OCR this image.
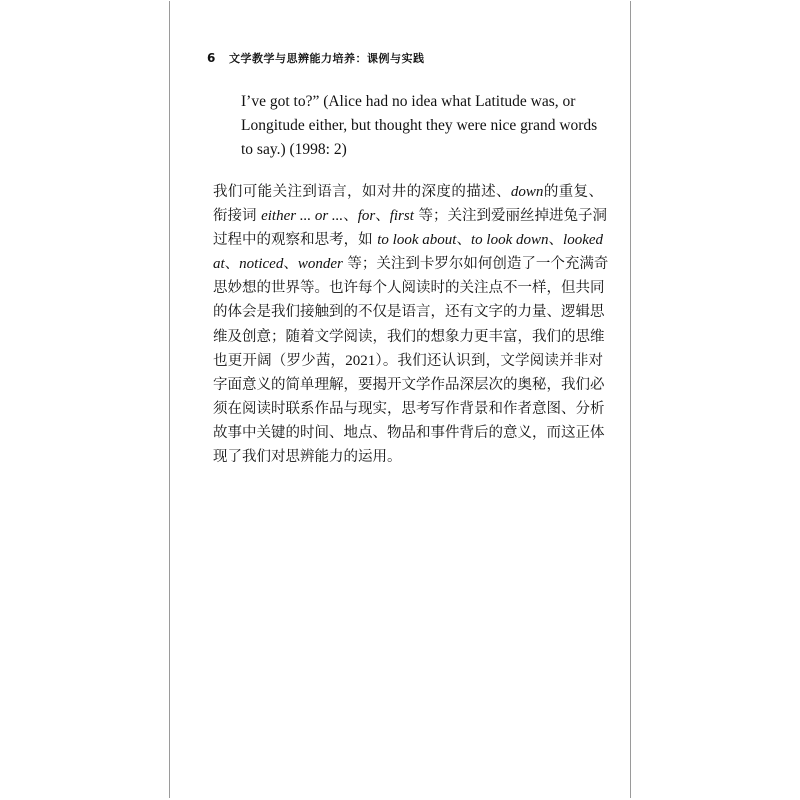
6	文学教学与思辨能力培养：课例与实践
I’ve got to?” (Alice had no idea what Latitude was, or
Longitude either, but thought they were nice grand words
to say.) (1998: 2)
我们可能关注到语言，如对井的深度的描述、down的重复、
衔接词 either ... or ...、for、first 等；关注到爱丽丝掉进兔子洞
过程中的观察和思考，如 to look about、to look down、looked
at、noticed、wonder 等；关注到卡罗尔如何创造了一个充满奇
思妙想的世界等。也许每个人阅读时的关注点不一样，但共同
的体会是我们接触到的不仅是语言，还有文字的力量、逻辑思
维及创意；随着文学阅读，我们的想象力更丰富，我们的思维
也更开阔（罗少茜，2021）。我们还认识到，文学阅读并非对
字面意义的简单理解，要揭开文学作品深层次的奥秘，我们必
须在阅读时联系作品与现实，思考写作背景和作者意图、分析
故事中关键的时间、地点、物品和事件背后的意义，而这正体
现了我们对思辨能力的运用。
